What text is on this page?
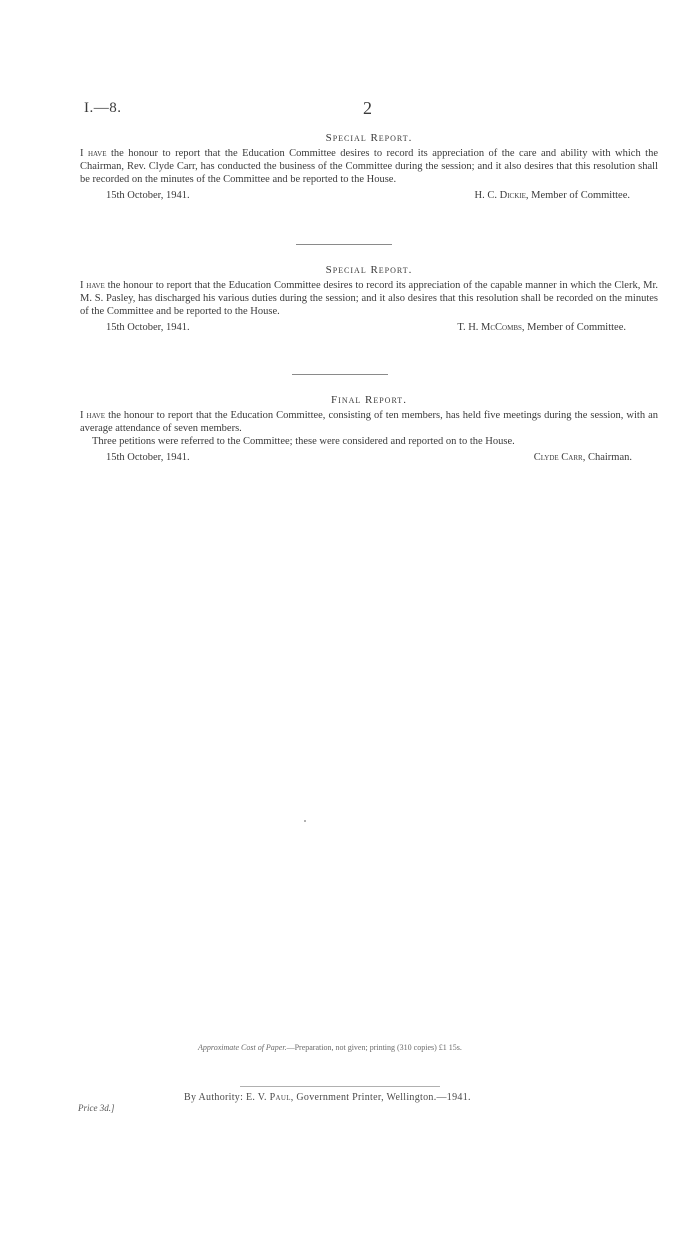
I.—8.	2
Special Report.

I have the honour to report that the Education Committee desires to record its appreciation of the care and ability with which the Chairman, Rev. Clyde Carr, has conducted the business of the Committee during the session; and it also desires that this resolution shall be recorded on the minutes of the Committee and be reported to the House.

15th October, 1941.	H. C. Dickie, Member of Committee.
Special Report.

I have the honour to report that the Education Committee desires to record its appreciation of the capable manner in which the Clerk, Mr. M. S. Pasley, has discharged his various duties during the session; and it also desires that this resolution shall be recorded on the minutes of the Committee and be reported to the House.

15th October, 1941.	T. H. McCombs, Member of Committee.
Final Report.

I have the honour to report that the Education Committee, consisting of ten members, has held five meetings during the session, with an average attendance of seven members.

Three petitions were referred to the Committee; these were considered and reported on to the House.

15th October, 1941.	Clyde Carr, Chairman.
Approximate Cost of Paper.—Preparation, not given; printing (310 copies) £1 15s.
By Authority: E. V. Paul, Government Printer, Wellington.—1941.
Price 3d.]
